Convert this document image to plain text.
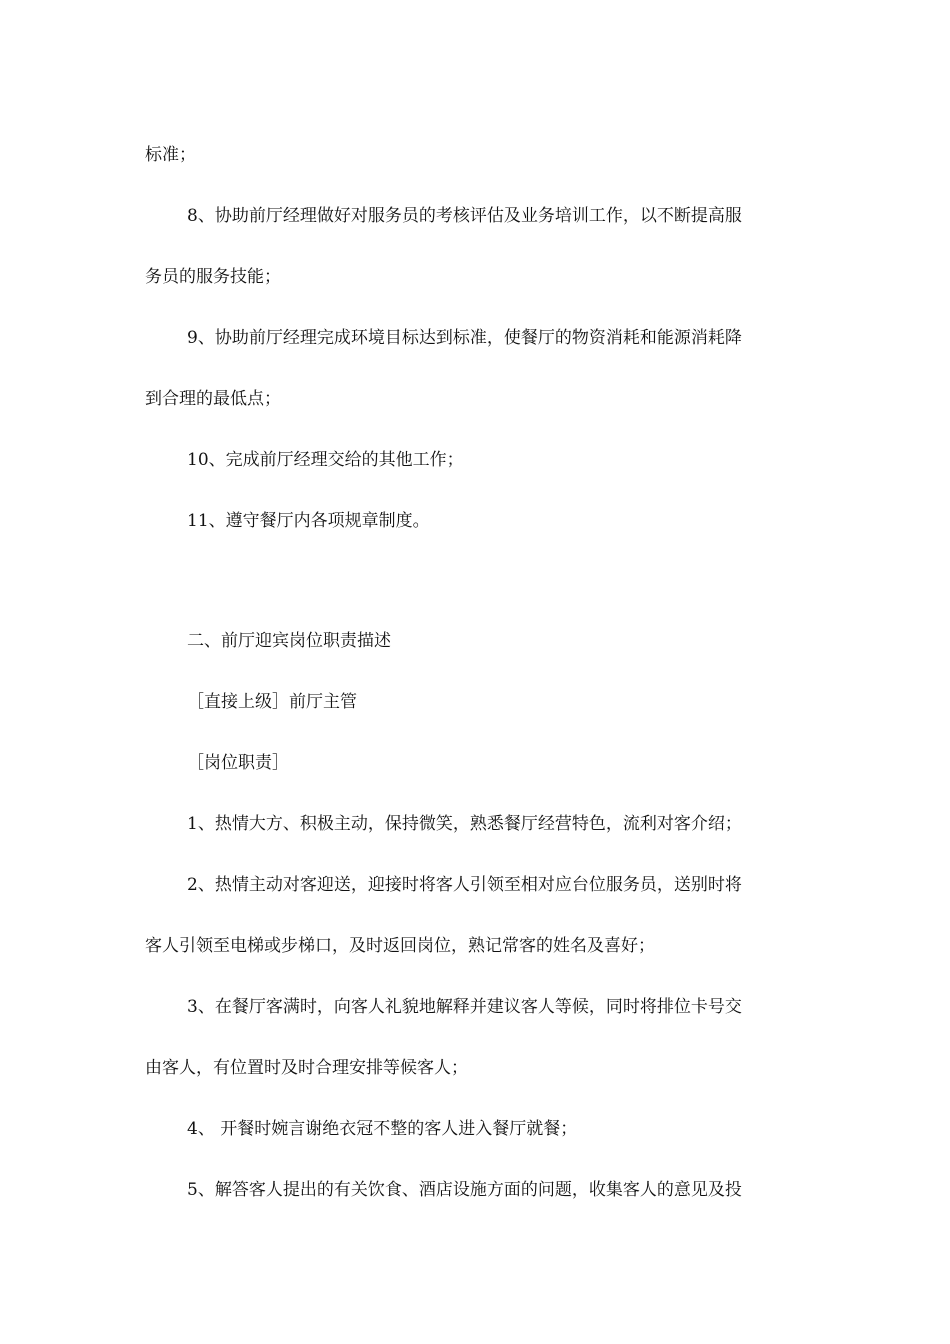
标准；
8、协助前厅经理做好对服务员的考核评估及业务培训工作，以不断提高服
务员的服务技能；
9、协助前厅经理完成环境目标达到标准，使餐厅的物资消耗和能源消耗降
到合理的最低点；
10、完成前厅经理交给的其他工作；
11、遵守餐厅内各项规章制度。
二、前厅迎宾岗位职责描述
［直接上级］前厅主管
［岗位职责］
1、热情大方、积极主动，保持微笑，熟悉餐厅经营特色，流利对客介绍；
2、热情主动对客迎送，迎接时将客人引领至相对应台位服务员，送别时将
客人引领至电梯或步梯口，及时返回岗位，熟记常客的姓名及喜好；
3、在餐厅客满时，向客人礼貌地解释并建议客人等候，同时将排位卡号交
由客人，有位置时及时合理安排等候客人；
4、 开餐时婉言谢绝衣冠不整的客人进入餐厅就餐；
5、解答客人提出的有关饮食、酒店设施方面的问题，收集客人的意见及投
